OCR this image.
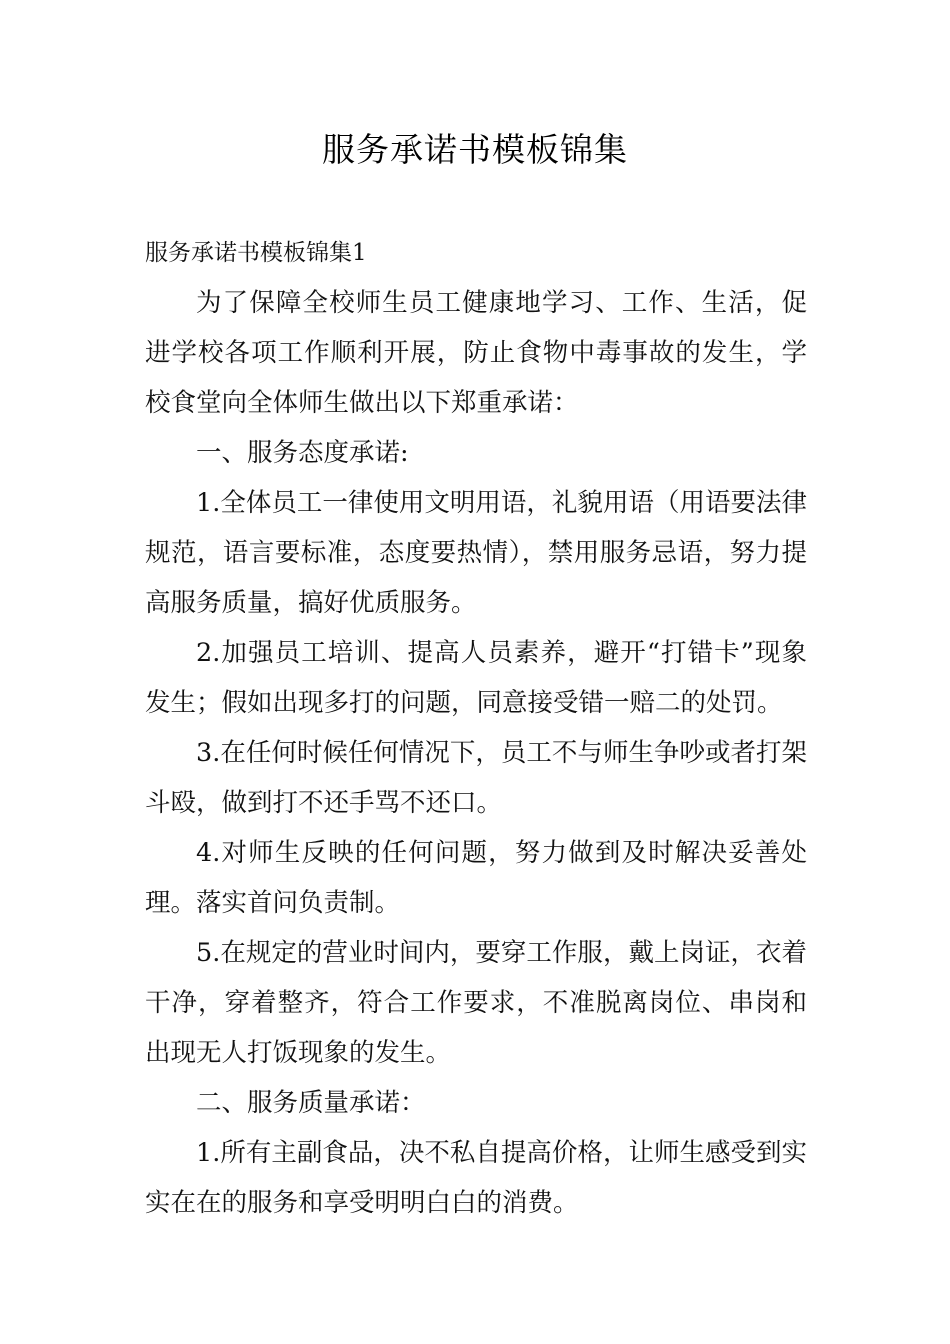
服务承诺书模板锦集

服务承诺书模板锦集1

为了保障全校师生员工健康地学习、工作、生活，促进学校各项工作顺利开展，防止食物中毒事故的发生，学校食堂向全体师生做出以下郑重承诺：

一、服务态度承诺:

1.全体员工一律使用文明用语，礼貌用语（用语要法律规范，语言要标准，态度要热情），禁用服务忌语，努力提高服务质量，搞好优质服务。

2.加强员工培训、提高人员素养，避开“打错卡”现象发生；假如出现多打的问题，同意接受错一赔二的处罚。

3.在任何时候任何情况下，员工不与师生争吵或者打架斗殴，做到打不还手骂不还口。

4.对师生反映的任何问题，努力做到及时解决妥善处理。落实首问负责制。

5.在规定的营业时间内，要穿工作服，戴上岗证，衣着干净，穿着整齐，符合工作要求，不准脱离岗位、串岗和出现无人打饭现象的发生。

二、服务质量承诺：

1.所有主副食品，决不私自提高价格，让师生感受到实实在在的服务和享受明明白白的消费。
